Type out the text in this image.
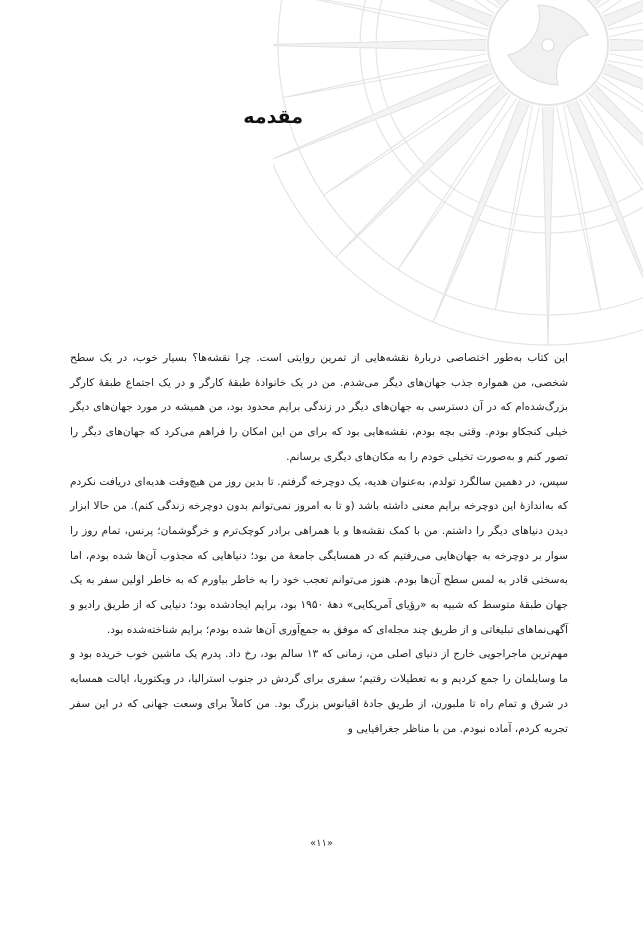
مقدمه

این کتاب به‌طور اختصاصی دربارهٔ نقشه‌هایی از تمرین روایتی است. چرا نقشه‌ها؟ بسیار خوب، در یک سطح شخصی، من همواره جذب جهان‌های دیگر می‌شدم. من در یک خانوادهٔ طبقهٔ کارگر و در یک اجتماع طبقهٔ کارگر بزرگ‌شده‌ام که در آن دسترسی به جهان‌های دیگر در زندگی برایم محدود بود، من همیشه در مورد جهان‌های دیگر خیلی کنجکاو بودم. وقتی بچه بودم، نقشه‌هایی بود که برای من این امکان را فراهم می‌کرد که جهان‌های دیگر را تصور کنم و به‌صورت تخیلی خودم را به مکان‌های دیگری برسانم.

سپس، در دهمین سالگرد تولدم، به‌عنوان هدیه، یک دوچرخه گرفتم. تا بدین روز من هیچ‌وقت هدیه‌ای دریافت نکردم که به‌اندازهٔ این دوچرخه برایم معنی داشته باشد (و تا به امروز نمی‌توانم بدون دوچرخه زندگی کنم). من حالا ابزار دیدن دنیاهای دیگر را داشتم. من با کمک نقشه‌ها و با همراهی برادر کوچک‌ترم و خرگوشمان؛ پرنس، تمام روز را سوار بر دوچرخه به جهان‌هایی می‌رفتیم که در همسایگی جامعهٔ من بود؛ دنیاهایی که مجذوب آن‌ها شده بودم، اما به‌سختی قادر به لمس سطح آن‌ها بودم. هنوز می‌توانم تعجب خود را به خاطر بیاورم که به خاطر اولین سفر به یک جهان طبقهٔ متوسط که شبیه به «رؤیای آمریکایی» دههٔ ۱۹۵۰ بود، برایم ایجادشده بود؛ دنیایی که از طریق رادیو و آگهی‌نماهای تبلیغاتی و از طریق چند مجله‌ای که موفق به جمع‌آوری آن‌ها شده بودم؛ برایم شناخته‌شده بود.

مهم‌ترین ماجراجویی خارج از دنیای اصلی من، زمانی که ۱۳ سالم بود، رخ داد. پدرم یک ماشین خوب خریده بود و ما وسایلمان را جمع کردیم و به تعطیلات رفتیم؛ سفری برای گردش در جنوب استرالیا، در ویکتوریا، ایالت همسایه در شرق و تمام راه تا ملبورن، از طریق جادهٔ اقیانوس بزرگ بود. من کاملاً برای وسعت جهانی که در این سفر تجربه کردم، آماده نبودم. من با مناظر جغرافیایی و

«۱۱»
